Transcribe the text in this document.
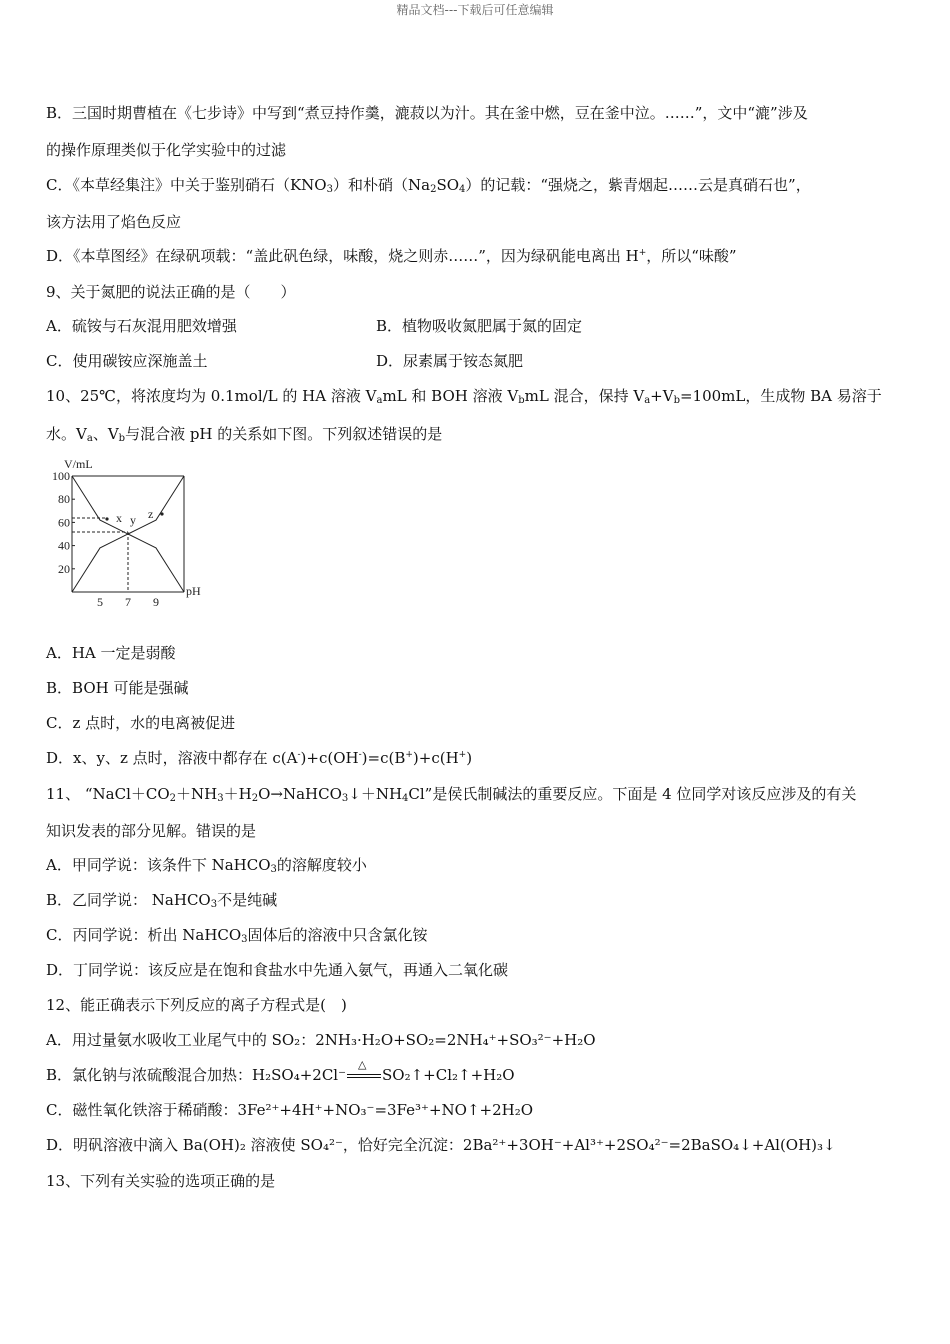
精品文档---下载后可任意编辑
B．三国时期曹植在《七步诗》中写到“煮豆持作羹，漉菽以为汁。其在釜中燃，豆在釜中泣。……”，文中“漉”涉及
的操作原理类似于化学实验中的过滤
C．《本草经集注》中关于鉴别硝石$(KNO_3)$和朴硝$(Na_2SO_4)$的记载：“强烧之，紫青烟起……云是真硝石也”，
该方法用了焰色反应
D．《本草图经》在绿矾项载：“盖此矾色绿，味酸，烧之则赤……”，因为绿矾能电离出 H+，所以“味酸”
9、关于氮肥的说法正确的是（　　）
A．硫铵与石灰混用肥效增强	B．植物吸收氮肥属于氮的固定
C．使用碳铵应深施盖土	D．尿素属于铵态氮肥
10、25℃，将浓度均为 0.1mol/L 的 HA 溶液 $V_amL$ 和 BOH 溶液 $V_bmL$ 混合，保持 $V_a+V_b=100mL$，生成物 BA 易溶于
水。$V_a$、$V_b$与混合液 pH 的关系如下图。下列叙述错误的是
V/mL
100
80
60
40
20
5 7 9
x y z
pH
A．HA 一定是弱酸
B．BOH 可能是强碱
C．z 点时，水的电离被促进
D．x、y、z 点时，溶液中都存在 c(A-)+c(OH-)=c(B+)+c(H+)
11、 “$NaCl+CO_2+NH_3+H_2O\to NaHCO_3↓+NH_4Cl$”是侯氏制碱法的重要反应。下面是 4 位同学对该反应涉及的有关
知识发表的部分见解。错误的是
A．甲同学说：该条件下 NaHCO$_3$的溶解度较小
B．乙同学说： NaHCO$_3$不是纯碱
C．丙同学说：析出 NaHCO$_3$固体后的溶液中只含氯化铵
D．丁同学说：该反应是在饱和食盐水中先通入氨气，再通入二氧化碳
12、能正确表示下列反应的离子方程式是(　)
A．用过量氨水吸收工业尾气中的 SO₂：2NH₃·H₂O+SO₂=2NH₄⁺+SO₃²⁻+H₂O
B．氯化钠与浓硫酸混合加热：H₂SO₄+2Cl⁻
△
SO₂↑+Cl₂↑+H₂O
C．磁性氧化铁溶于稀硝酸：3Fe²⁺+4H⁺+NO₃⁻=3Fe³⁺+NO↑+2H₂O
D．明矾溶液中滴入 Ba(OH)₂ 溶液使 SO₄²⁻，恰好完全沉淀：2Ba²⁺+3OH⁻+Al³⁺+2SO₄²⁻=2BaSO₄↓+Al(OH)₃↓
13、下列有关实验的选项正确的是
